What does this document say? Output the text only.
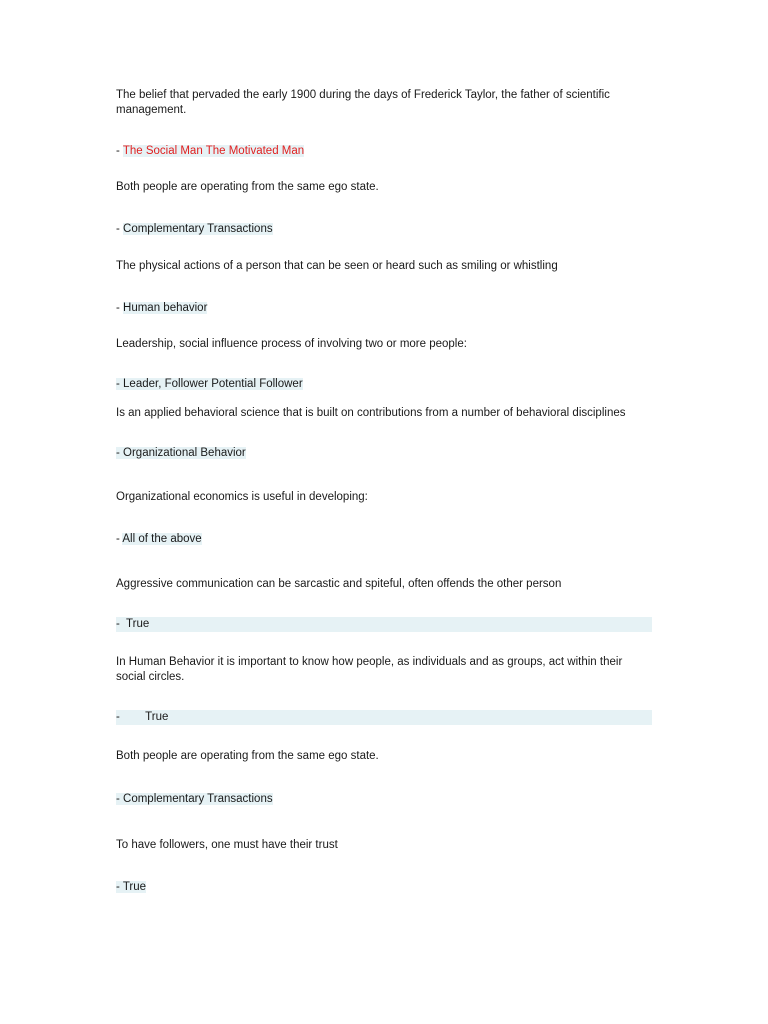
The belief that pervaded the early 1900 during the days of Frederick Taylor, the father of scientific management.

- The Social Man The Motivated Man

Both people are operating from the same ego state.

- Complementary Transactions

The physical actions of a person that can be seen or heard such as smiling or whistling

- Human behavior

Leadership, social influence process of involving two or more people:

- Leader, Follower Potential Follower

Is an applied behavioral science that is built on contributions from a number of behavioral disciplines

- Organizational Behavior

Organizational economics is useful in developing:

- All of the above

Aggressive communication can be sarcastic and spiteful, often offends the other person

-  True

In Human Behavior it is important to know how people, as individuals and as groups, act within their social circles.

-        True

Both people are operating from the same ego state.

- Complementary Transactions

To have followers, one must have their trust

- True
